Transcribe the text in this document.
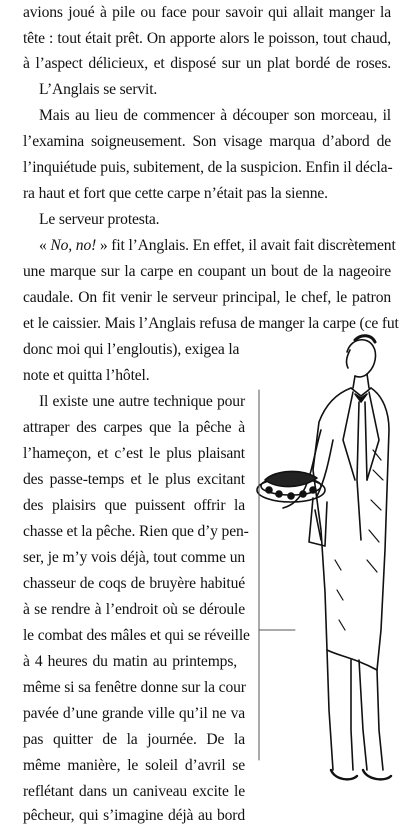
avions joué à pile ou face pour savoir qui allait manger la
tête : tout était prêt. On apporte alors le poisson, tout chaud,
à l’aspect délicieux, et disposé sur un plat bordé de roses.
L’Anglais se servit.
Mais au lieu de commencer à découper son morceau, il
l’examina soigneusement. Son visage marqua d’abord de
l’inquiétude puis, subitement, de la suspicion. Enfin il décla-
ra haut et fort que cette carpe n’était pas la sienne.
Le serveur protesta.
« No, no! » fit l’Anglais. En effet, il avait fait discrètement
une marque sur la carpe en coupant un bout de la nageoire
caudale. On fit venir le serveur principal, le chef, le patron
et le caissier. Mais l’Anglais refusa de manger la carpe (ce fut
donc moi qui l’engloutis), exigea la
note et quitta l’hôtel.
Il existe une autre technique pour
attraper des carpes que la pêche à
l’hameçon, et c’est le plus plaisant
des passe-temps et le plus excitant
des plaisirs que puissent offrir la
chasse et la pêche. Rien que d’y pen-
ser, je m’y vois déjà, tout comme un
chasseur de coqs de bruyère habitué
à se rendre à l’endroit où se déroule
le combat des mâles et qui se réveille
à 4 heures du matin au printemps,
même si sa fenêtre donne sur la cour
pavée d’une grande ville qu’il ne va
pas quitter de la journée. De la
même manière, le soleil d’avril se
reflétant dans un caniveau excite le
pêcheur, qui s’imagine déjà au bord
